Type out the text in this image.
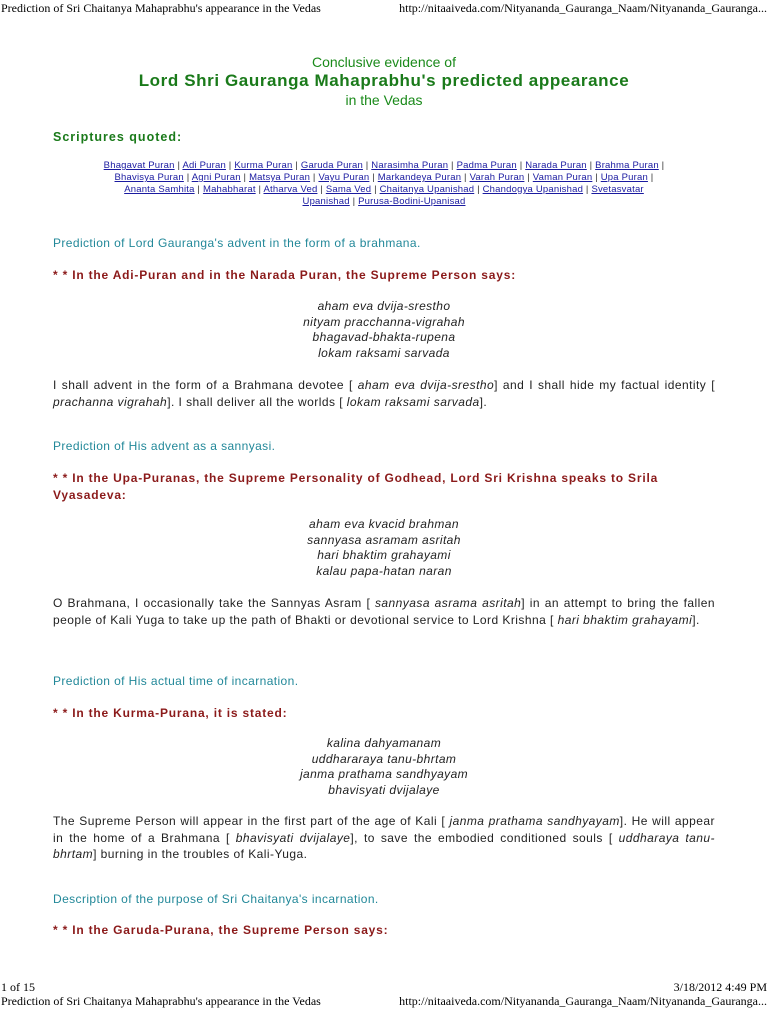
Prediction of Sri Chaitanya Mahaprabhu's appearance in the Vedas	http://nitaaiveda.com/Nityananda_Gauranga_Naam/Nityananda_Gauranga...
Conclusive evidence of
Lord Shri Gauranga Mahaprabhu's predicted appearance
in the Vedas
Scriptures quoted:
Bhagavat Puran | Adi Puran | Kurma Puran | Garuda Puran | Narasimha Puran | Padma Puran | Narada Puran | Brahma Puran |
Bhavisya Puran | Agni Puran | Matsya Puran | Vayu Puran | Markandeya Puran | Varah Puran | Vaman Puran | Upa Puran |
Ananta Samhita | Mahabharat | Atharva Ved | Sama Ved | Chaitanya Upanishad | Chandogya Upanishad | Svetasvatar
Upanishad | Purusa-Bodini-Upanisad
Prediction of Lord Gauranga's advent in the form of a brahmana.
* * In the Adi-Puran and in the Narada Puran, the Supreme Person says:
aham eva dvija-srestho
nityam pracchanna-vigrahah
bhagavad-bhakta-rupena
lokam raksami sarvada
I shall advent in the form of a Brahmana devotee [ aham eva dvija-srestho] and I shall hide my factual identity [ prachanna vigrahah]. I shall deliver all the worlds [ lokam raksami sarvada].
Prediction of His advent as a sannyasi.
* * In the Upa-Puranas, the Supreme Personality of Godhead, Lord Sri Krishna speaks to Srila Vyasadeva:
aham eva kvacid brahman
sannyasa asramam asritah
hari bhaktim grahayami
kalau papa-hatan naran
O Brahmana, I occasionally take the Sannyas Asram [ sannyasa asrama asritah] in an attempt to bring the fallen people of Kali Yuga to take up the path of Bhakti or devotional service to Lord Krishna [ hari bhaktim grahayami].
Prediction of His actual time of incarnation.
* * In the Kurma-Purana, it is stated:
kalina dahyamanam
uddhararaya tanu-bhrtam
janma prathama sandhyayam
bhavisyati dvijalaye
The Supreme Person will appear in the first part of the age of Kali [ janma prathama sandhyayam]. He will appear in the home of a Brahmana [ bhavisyati dvijalaye], to save the embodied conditioned souls [ uddharaya tanu-bhrtam] burning in the troubles of Kali-Yuga.
Description of the purpose of Sri Chaitanya's incarnation.
* * In the Garuda-Purana, the Supreme Person says:
1 of 15	3/18/2012 4:49 PM
Prediction of Sri Chaitanya Mahaprabhu's appearance in the Vedas	http://nitaaiveda.com/Nityananda_Gauranga_Naam/Nityananda_Gauranga...
